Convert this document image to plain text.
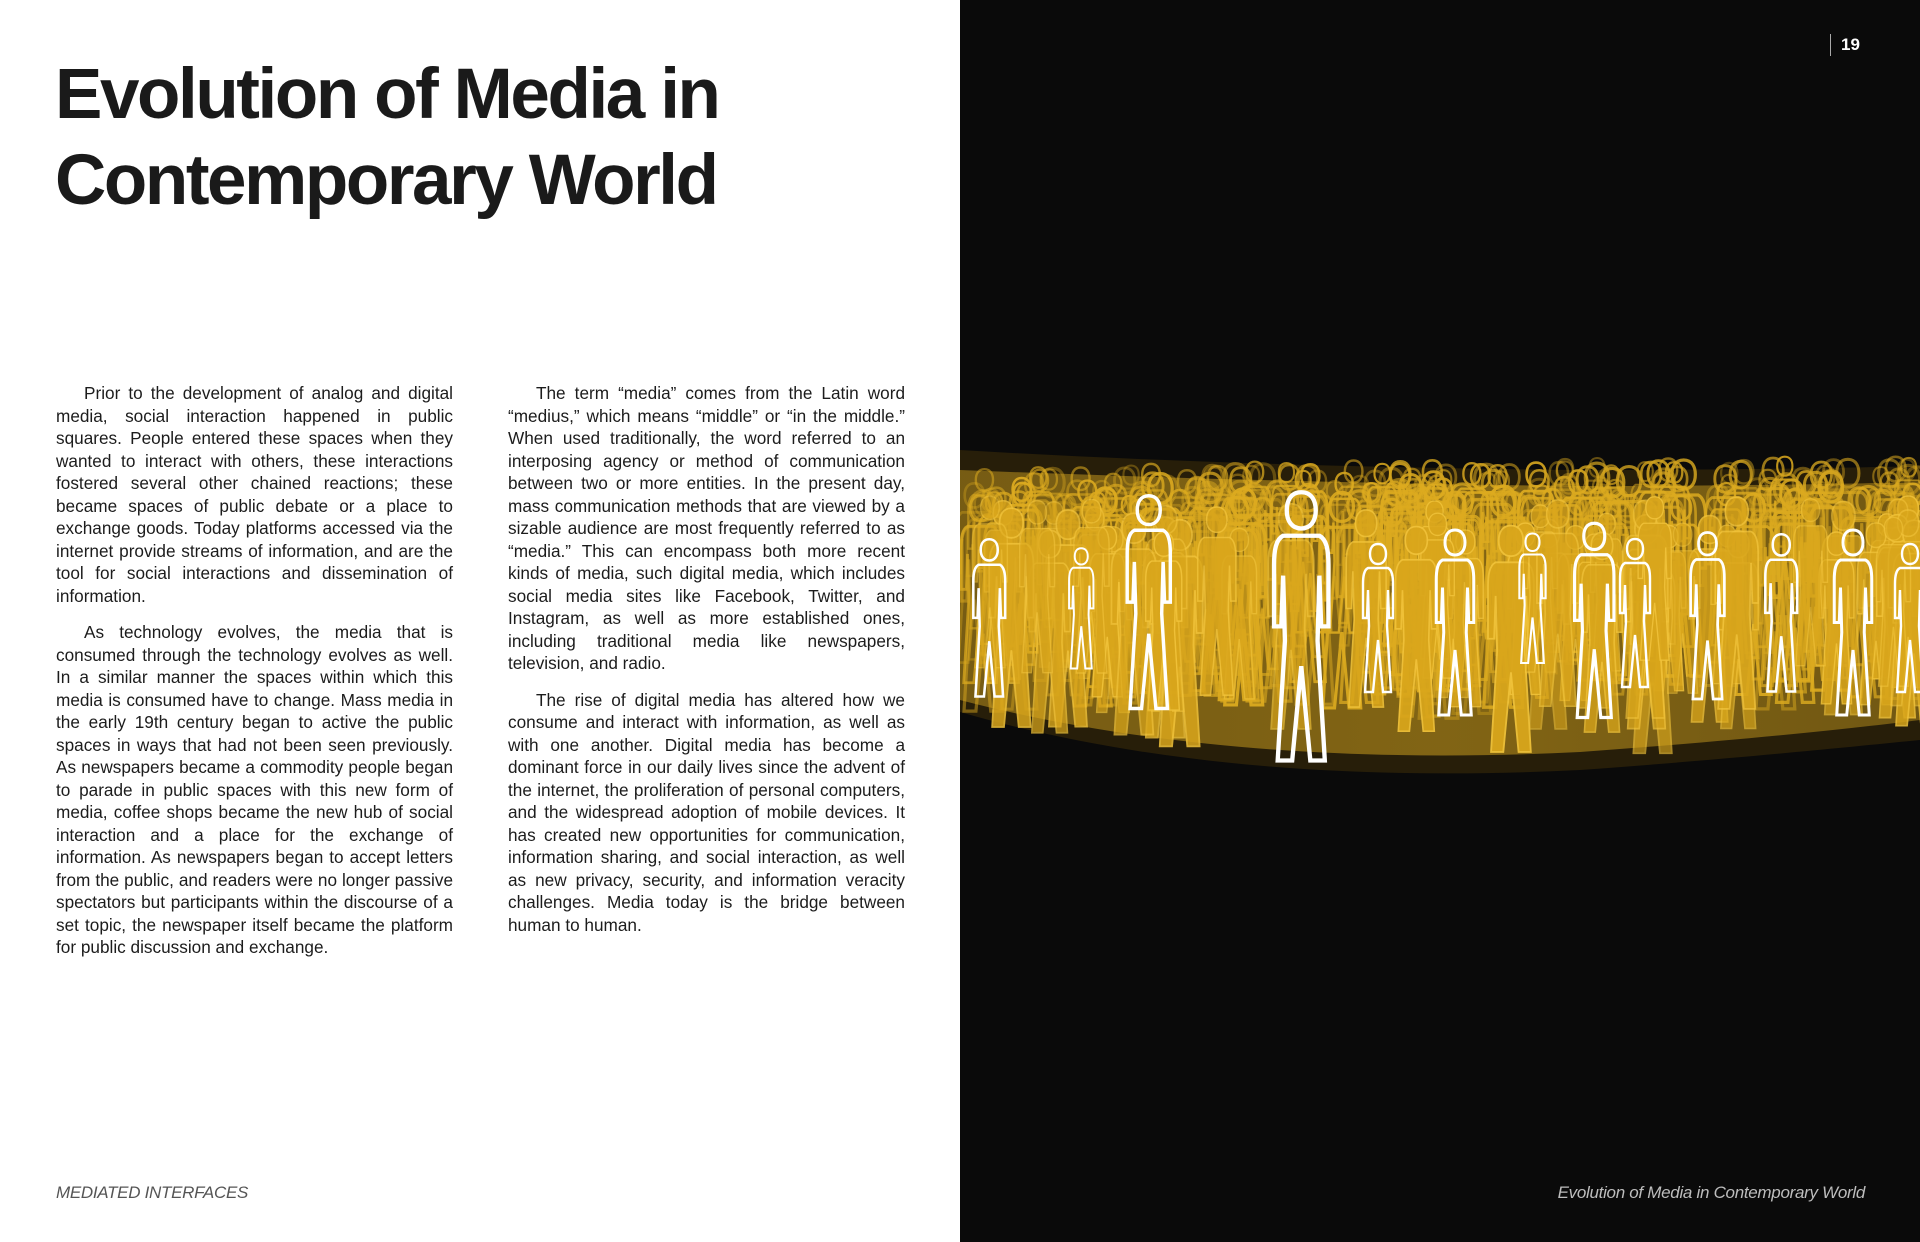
Evolution of Media in
Contemporary World

Prior to the development of analog and digital media, social interaction happened in public squares. People entered these spaces when they wanted to interact with others, these interactions fostered several other chained reactions; these became spaces of public debate or a place to exchange goods. Today platforms accessed via the internet provide streams of information, and are the tool for social interactions and dissemination of information.

As technology evolves, the media that is consumed through the technology evolves as well. In a similar manner the spaces within which this media is consumed have to change. Mass media in the early 19th century began to active the public spaces in ways that had not been seen previously. As newspapers became a commodity people began to parade in public spaces with this new form of media, coffee shops became the new hub of social interaction and a place for the exchange of information. As newspapers began to accept letters from the public, and readers were no longer passive spectators but participants within the discourse of a set topic, the newspaper itself became the platform for public discussion and exchange.

The term “media” comes from the Latin word “medius,” which means “middle” or “in the middle.” When used traditionally, the word referred to an interposing agency or method of communication between two or more entities. In the present day, mass communication methods that are viewed by a sizable audience are most frequently referred to as “media.” This can encompass both more recent kinds of media, such digital media, which includes social media sites like Facebook, Twitter, and Instagram, as well as more established ones, including traditional media like newspapers, television, and radio.

The rise of digital media has altered how we consume and interact with information, as well as with one another. Digital media has become a dominant force in our daily lives since the advent of the internet, the proliferation of personal computers, and the widespread adoption of mobile devices. It has created new opportunities for communication, information sharing, and social interaction, as well as new privacy, security, and information veracity challenges. Media today is the bridge between human to human.

MEDIATED INTERFACES
19
Evolution of Media in Contemporary World
